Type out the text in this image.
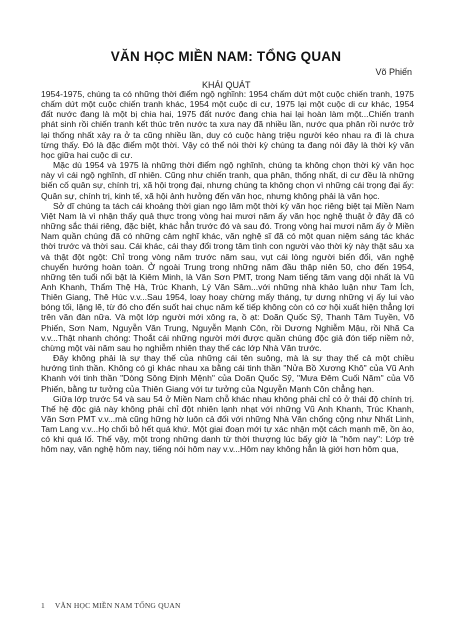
VĂN HỌC MIỀN NAM: TỔNG QUAN
Võ Phiến
KHÁI QUÁT

1954-1975, chúng ta có những thời điểm ngộ nghĩnh: 1954 chấm dứt một cuộc chiến tranh, 1975 chấm dứt một cuộc chiến tranh khác, 1954 một cuộc di cư, 1975 lại một cuộc di cư khác, 1954 đất nước đang là một bị chia hai, 1975 đất nước đang chia hai lại hoàn làm một...Chiến tranh phát sinh rồi chiến tranh kết thúc trên nước ta xưa nay đã nhiều lần, nước qua phân rồi nước trở lại thống nhất xảy ra ở ta cũng nhiều lần, duy có cuộc hàng triệu người kéo nhau ra đi là chưa từng thấy. Đó là đặc điểm một thời. Vậy có thể nói thời kỳ chúng ta đang nói đây là thời kỳ văn học giữa hai cuộc di cư.

Mặc dù 1954 và 1975 là những thời điểm ngộ nghĩnh, chúng ta không chọn thời kỳ văn học này vì cái ngộ nghĩnh, dĩ nhiên. Cũng như chiến tranh, qua phân, thống nhất, di cư đều là những biến cố quân sự, chính trị, xã hội trọng đại, nhưng chúng ta không chọn vì những cái trọng đại ấy: Quân sự, chính trị, kinh tế, xã hội ảnh hưởng đến văn học, nhưng không phải là văn học.

Sở dĩ chúng ta tách cái khoảng thời gian ngọ lâm một thời kỳ văn học riêng biệt tại Miền Nam Việt Nam là vì nhận thấy quả thực trong vòng hai mươi năm ấy văn học nghệ thuật ở đây đã có những sắc thái riêng, đặc biệt, khác hẳn trước đó và sau đó. Trong vòng hai mươi năm ấy ở Miền Nam quần chúng đã có những cảm nghĩ khác, văn nghệ sĩ đã có một quan niệm sáng tác khác thời trước và thời sau. Cái khác, cái thay đổi trong tâm tình con người vào thời kỳ này thật sâu xa và thật đột ngột: Chỉ trong vòng năm trước năm sau, vụt cái lòng người biến đổi, văn nghệ chuyển hướng hoàn toàn. Ở ngoài Trung trong những năm đầu thập niên 50, cho đến 1954, những tên tuổi nổi bật là Kiêm Minh, là Văn Sơn PMT, trong Nam tiếng tăm vang dội nhất là Vũ Anh Khanh, Thẩm Thệ Hà, Trúc Khanh, Lý Văn Sâm...với những nhà khảo luận như Tam Ích, Thiên Giang, Thê Húc v.v...Sau 1954, loay hoay chừng mấy tháng, tự dưng những vị ấy lui vào bóng tối, lặng lẽ, từ đó cho đến suốt hai chục năm kế tiếp không còn có cơ hội xuất hiện thẳng lợi trên văn đàn nữa. Và một lớp người mới xông ra, ồ ạt: Doãn Quốc Sỹ, Thanh Tâm Tuyền, Võ Phiến, Sơn Nam, Nguyễn Văn Trung, Nguyễn Mạnh Côn, rồi Dương Nghiễm Mậu, rồi Nhã Ca v.v...Thật nhanh chóng: Thoắt cái những người mới được quần chúng độc giả đón tiếp niềm nở, chừng một vài năm sau họ nghiễm nhiên thay thế các lớp Nhà Văn trước.

Đây không phải là sự thay thế của những cái tên suông, mà là sự thay thế cả một chiều hướng tình thần. Không có gì khác nhau xa bằng cái tinh thần "Nửa Bồ Xương Khô" của Vũ Anh Khanh với tinh thần "Dòng Sông Định Mệnh" của Doãn Quốc Sỹ, "Mưa Đêm Cuối Năm" của Võ Phiến, bằng tư tưởng của Thiên Giang với tư tưởng của Nguyễn Mạnh Côn chẳng hạn.

Giữa lớp trước 54 và sau 54 ở Miền Nam chỗ khác nhau không phải chỉ có ở thái độ chính trị. Thế hệ độc giả này không phải chỉ đột nhiên lạnh nhạt với những Vũ Anh Khanh, Trúc Khanh, Văn Sơn PMT v.v...mà cũng hững hờ luôn cả đối với những Nhà Văn chống cộng như Nhất Linh, Tam Lang v.v...Họ chối bỏ hết quá khứ. Một giai đoạn mới tự xác nhận một cách mạnh mẽ, ồn ào, có khi quá lố. Thế vậy, một trong những danh từ thời thượng lúc bấy giờ là "hôm nay": Lớp trẻ hôm nay, văn nghệ hôm nay, tiếng nói hôm nay v.v...Hôm nay không hẳn là giới hơn hôm qua,

1 VĂN HỌC MIỀN NAM TỔNG QUAN
